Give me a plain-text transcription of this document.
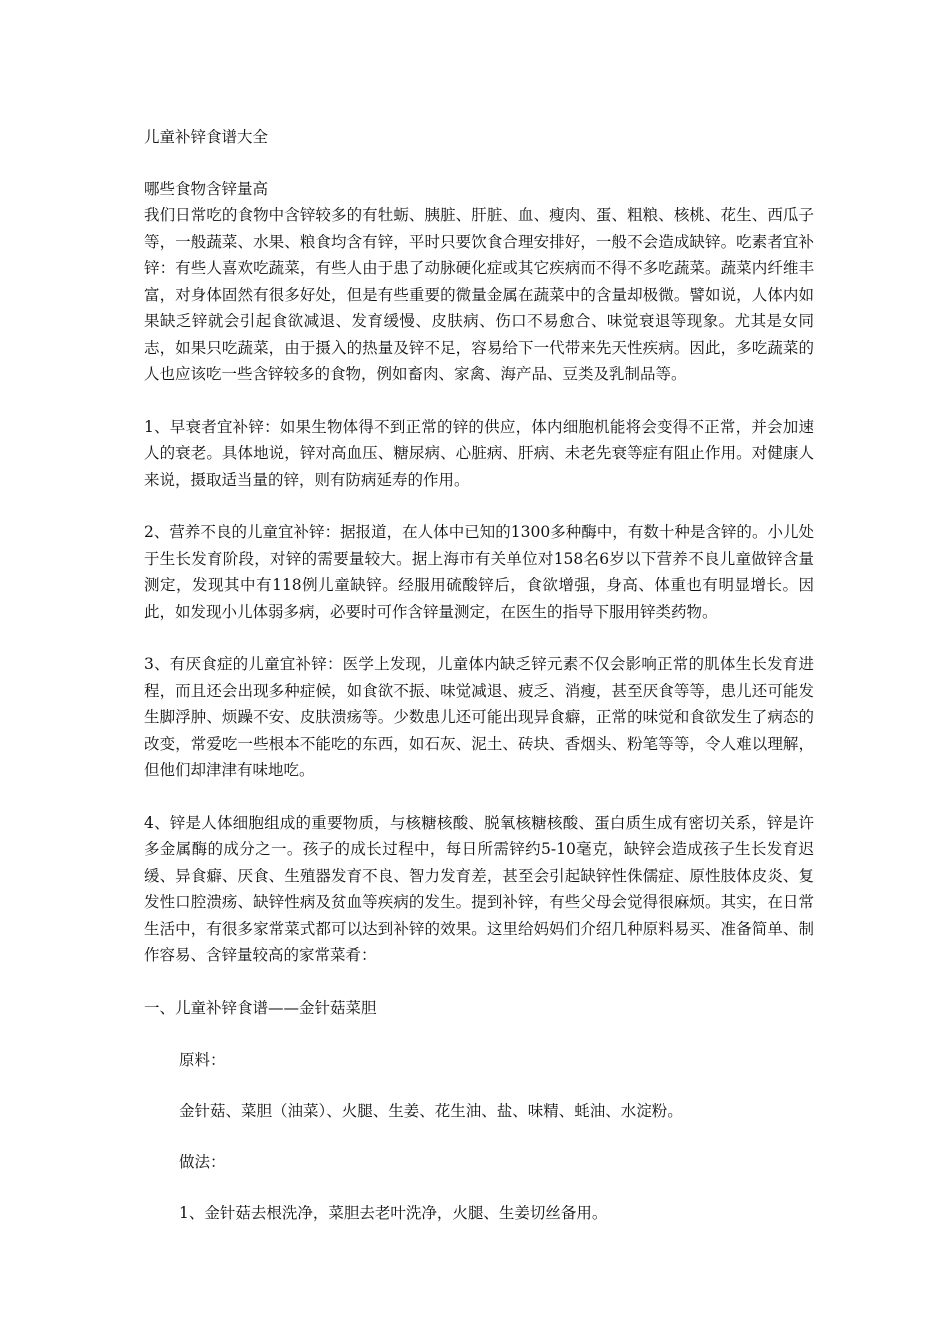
儿童补锌食谱大全

哪些食物含锌量高

我们日常吃的食物中含锌较多的有牡蛎、胰脏、肝脏、血、瘦肉、蛋、粗粮、核桃、花生、西瓜子等，一般蔬菜、水果、粮食均含有锌，平时只要饮食合理安排好，一般不会造成缺锌。吃素者宜补锌：有些人喜欢吃蔬菜，有些人由于患了动脉硬化症或其它疾病而不得不多吃蔬菜。蔬菜内纤维丰富，对身体固然有很多好处，但是有些重要的微量金属在蔬菜中的含量却极微。譬如说，人体内如果缺乏锌就会引起食欲减退、发育缓慢、皮肤病、伤口不易愈合、味觉衰退等现象。尤其是女同志，如果只吃蔬菜，由于摄入的热量及锌不足，容易给下一代带来先天性疾病。因此，多吃蔬菜的人也应该吃一些含锌较多的食物，例如畜肉、家禽、海产品、豆类及乳制品等。

1、早衰者宜补锌：如果生物体得不到正常的锌的供应，体内细胞机能将会变得不正常，并会加速人的衰老。具体地说，锌对高血压、糖尿病、心脏病、肝病、未老先衰等症有阻止作用。对健康人来说，摄取适当量的锌，则有防病延寿的作用。

2、营养不良的儿童宜补锌：据报道，在人体中已知的1300多种酶中，有数十种是含锌的。小儿处于生长发育阶段，对锌的需要量较大。据上海市有关单位对158名6岁以下营养不良儿童做锌含量测定，发现其中有118例儿童缺锌。经服用硫酸锌后，食欲增强，身高、体重也有明显增长。因此，如发现小儿体弱多病，必要时可作含锌量测定，在医生的指导下服用锌类药物。

3、有厌食症的儿童宜补锌：医学上发现，儿童体内缺乏锌元素不仅会影响正常的肌体生长发育进程，而且还会出现多种症候，如食欲不振、味觉减退、疲乏、消瘦，甚至厌食等等，患儿还可能发生脚浮肿、烦躁不安、皮肤溃疡等。少数患儿还可能出现异食癖，正常的味觉和食欲发生了病态的改变，常爱吃一些根本不能吃的东西，如石灰、泥土、砖块、香烟头、粉笔等等，令人难以理解，但他们却津津有味地吃。

4、锌是人体细胞组成的重要物质，与核糖核酸、脱氧核糖核酸、蛋白质生成有密切关系，锌是许多金属酶的成分之一。孩子的成长过程中，每日所需锌约5-10毫克，缺锌会造成孩子生长发育迟缓、异食癖、厌食、生殖器发育不良、智力发育差，甚至会引起缺锌性侏儒症、原性肢体皮炎、复发性口腔溃疡、缺锌性病及贫血等疾病的发生。提到补锌，有些父母会觉得很麻烦。其实，在日常生活中，有很多家常菜式都可以达到补锌的效果。这里给妈妈们介绍几种原料易买、准备简单、制作容易、含锌量较高的家常菜肴：

一、儿童补锌食谱——金针菇菜胆

原料：

金针菇、菜胆（油菜）、火腿、生姜、花生油、盐、味精、蚝油、水淀粉。

做法：

1、金针菇去根洗净，菜胆去老叶洗净，火腿、生姜切丝备用。
